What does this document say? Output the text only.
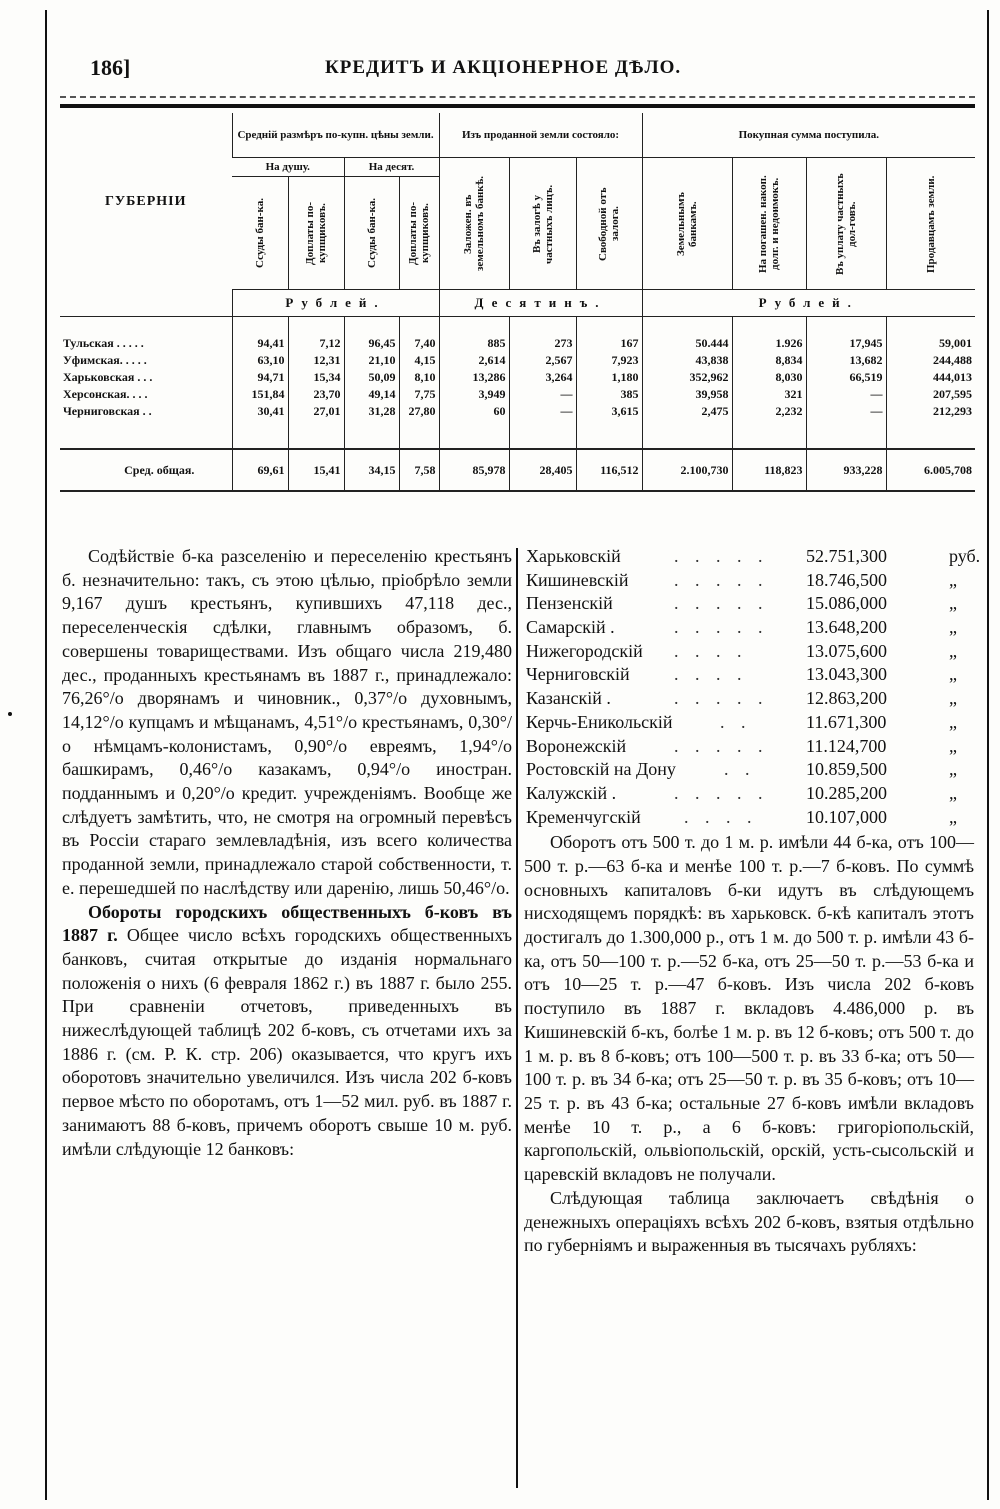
186]	КРЕДИТЪ И АКЦIОНЕРНОЕ ДѢЛО.
ГУБЕРНIИ	Средній размѣръ по-купн. цѣны земли.				Изъ проданной земли состояло:			Покупная сумма поступила.			
	На душу.		На десят.		Заложен. въ земельномъ банкѣ.	Въ залогѣ у частныхъ лицъ.	Свободной отъ залога.	Земельнымъ банкамъ.	На погашен. накоп. долг. и недоимокъ.	Въ уплату частныхъ дол-говъ.	Продавцамъ земли.

	Ссуды бан-ка.	Доплаты по-купщиковъ.	Ссуды бан-ка.	Доплаты по-купщиковъ.							

	Рублей.				Десятинъ.			Рублей.			

Тульская . . . . .	94,41	7,12	96,45	7,40	885	273	167	50.444	1.926	17,945	59,001
Уфимская. . . . .	63,10	12,31	21,10	4,15	2,614	2,567	7,923	43,838	8,834	13,682	244,488
Харьковская . . .	94,71	15,34	50,09	8,10	13,286	3,264	1,180	352,962	8,030	66,519	444,013
Херсонская. . . .	151,84	23,70	49,14	7,75	3,949	—	385	39,958	321	—	207,595
Черниговская . .	30,41	27,01	31,28	27,80	60	—	3,615	2,475	2,232	—	212,293

Сред. общая.	69,61	15,41	34,15	7,58	85,978	28,405	116,512	2.100,730	118,823	933,228	6.005,708

Содѣйствіе б-ка разселенію и переселенію крестьянъ б. незначительно: такъ, съ этою цѣлью, пріобрѣло земли 9,167 душъ крестьянъ, купившихъ 47,118 дес., переселенческія сдѣлки, главнымъ образомъ, б. совершены товариществами. Изъ общаго числа 219,480 дес., проданныхъ крестьянамъ въ 1887 г., принадлежало: 76,26°/о дворянамъ и чиновник., 0,37°/о духовнымъ, 14,12°/о купцамъ и мѣщанамъ, 4,51°/о крестьянамъ, 0,30°/о нѣмцамъ-колонистамъ, 0,90°/о евреямъ, 1,94°/о башкирамъ, 0,46°/о казакамъ, 0,94°/о иностран. подданнымъ и 0,20°/о кредит. учрежденіямъ. Вообще же слѣдуетъ замѣтить, что, не смотря на огромный перевѣсъ въ Россіи стараго землевладѣнія, изъ всего количества проданной земли, принадлежало старой собственности, т. е. перешедшей по наслѣдству или даренію, лишь 50,46°/о.

Обороты городскихъ общественныхъ б-ковъ въ 1887 г. Общее число всѣхъ городскихъ общественныхъ банковъ, считая открытые до изданія нормальнаго положенія о нихъ (6 февраля 1862 г.) въ 1887 г. было 255. При сравненіи отчетовъ, приведенныхъ въ нижеслѣдующей таблицѣ 202 б-ковъ, съ отчетами ихъ за 1886 г. (см. Р. К. стр. 206) оказывается, что кругъ ихъ оборотовъ значительно увеличился. Изъ числа 202 б-ковъ первое мѣсто по оборотамъ, отъ 1—52 мил. руб. въ 1887 г. занимаютъ 88 б-ковъ, причемъ оборотъ свыше 10 м. руб. имѣли слѣдующіе 12 банковъ:

Харьковскій	. . . . . 52.751,300	руб.
Кишиневскій	. . . . . 18.746,500	„
Пензенскій	. . . . . 15.086,000	„
Самарскій .	. . . . . 13.648,200	„
Нижегородскій . . . .	13.075,600	„
Черниговскій . . . .	13.043,300	„
Казанскій .	. . . . . 12.863,200	„
Керчь-Еникольскій	. .	11.671,300	„
Воронежскій	. . . . . 11.124,700	„
Ростовскій на Дону	. .	10.859,500	„
Калужскій .	. . . . . 10.285,200	„
Кременчугскій . . . .	10.107,000	„

Оборотъ отъ 500 т. до 1 м. р. имѣли 44 б-ка, отъ 100—500 т. р.—63 б-ка и менѣе 100 т. р.—7 б-ковъ. По суммѣ основныхъ капиталовъ б-ки идутъ въ слѣдующемъ нисходящемъ порядкѣ: въ харьковск. б-кѣ капиталъ этотъ достигалъ до 1.300,000 р., отъ 1 м. до 500 т. р. имѣли 43 б-ка, отъ 50—100 т. р.—52 б-ка, отъ 25—50 т. р.—53 б-ка и отъ 10—25 т. р.—47 б-ковъ. Изъ числа 202 б-ковъ поступило въ 1887 г. вкладовъ 4.486,000 р. въ Кишиневскій б-къ, болѣе 1 м. р. въ 12 б-ковъ; отъ 500 т. до 1 м. р. въ 8 б-ковъ; отъ 100—500 т. р. въ 33 б-ка; отъ 50—100 т. р. въ 34 б-ка; отъ 25—50 т. р. въ 35 б-ковъ; отъ 10—25 т. р. въ 43 б-ка; остальные 27 б-ковъ имѣли вкладовъ менѣе 10 т. р., а 6 б-ковъ: григоріопольскій, каргопольскій, ольвіопольскій, орскій, усть-сысольскій и царевскій вкладовъ не получали.

Слѣдующая таблица заключаетъ свѣдѣнія о денежныхъ операціяхъ всѣхъ 202 б-ковъ, взятыя отдѣльно по губерніямъ и выраженныя въ тысячахъ рубляхъ:
